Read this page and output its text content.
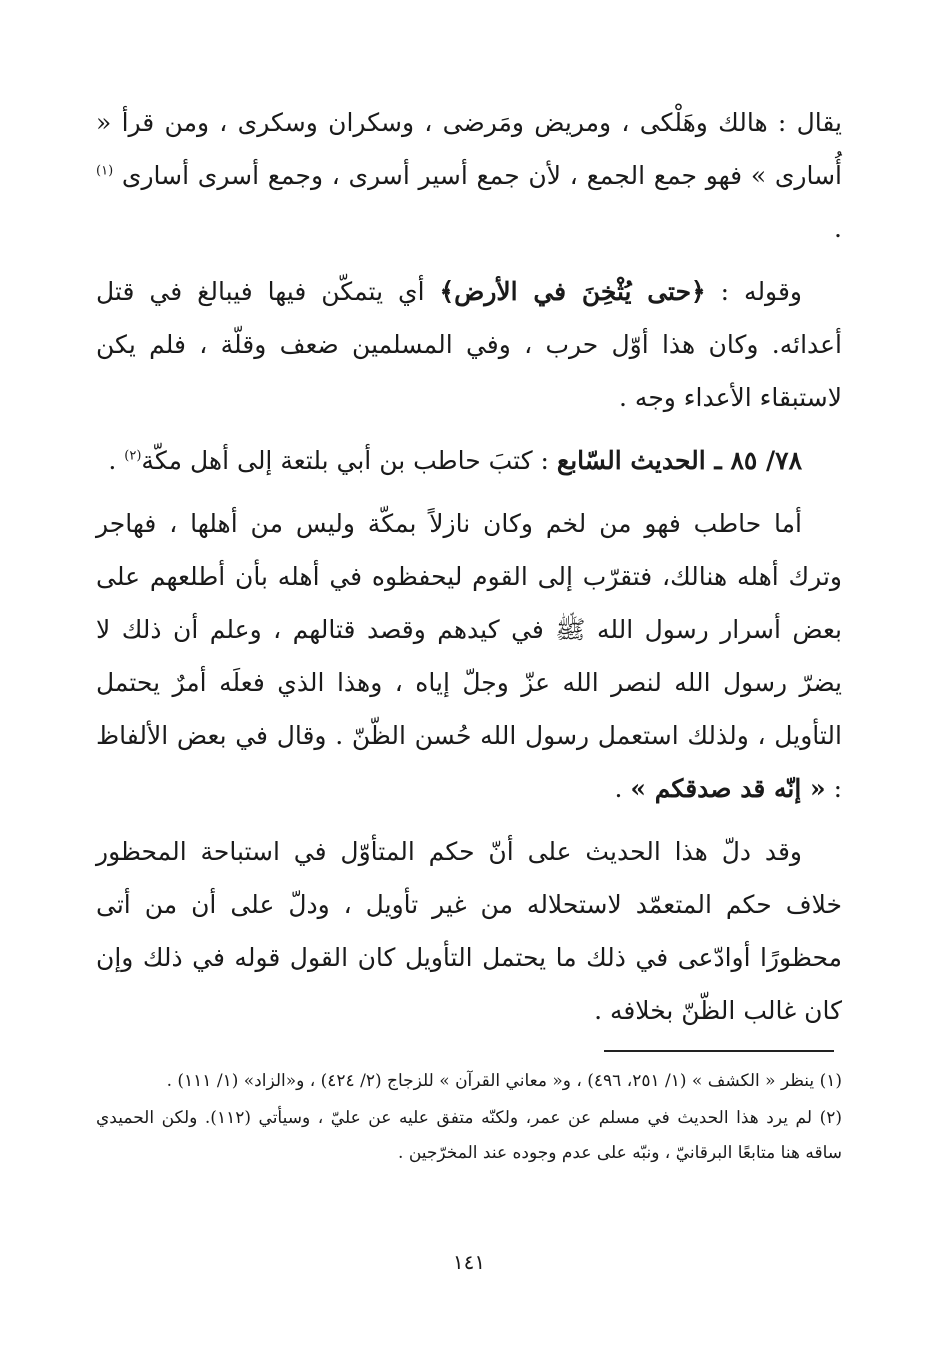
يقال : هالك وهَلْكى ، ومريض ومَرضى ، وسكران وسكرى ، ومن قرأ « أُسارى » فهو جمع الجمع ، لأن جمع أسير أسرى ، وجمع أسرى أسارى $^{(١)}$ .

وقوله : ﴿حتى يُثْخِنَ في الأرض﴾ أي يتمكّن فيها فيبالغ في قتل أعدائه. وكان هذا أوّل حرب ، وفي المسلمين ضعف وقلّة ، فلم يكن لاستبقاء الأعداء وجه .

٧٨/ ٨٥ ـ الحديث السّابع : كتبَ حاطب بن أبي بلتعة إلى أهل مكّة$^{(٢)}$ .

أما حاطب فهو من لخم وكان نازلاً بمكّة وليس من أهلها ، فهاجر وترك أهله هنالك، فتقرّب إلى القوم ليحفظوه في أهله بأن أطلعهم على بعض أسرار رسول الله ﷺ في كيدهم وقصد قتالهم ، وعلم أن ذلك لا يضرّ رسول الله لنصر الله عزّ وجلّ إياه ، وهذا الذي فعلَه أمرٌ يحتمل التأويل ، ولذلك استعمل رسول الله حُسن الظّنّ . وقال في بعض الألفاظ : « إنّه قد صدقكم » .

وقد دلّ هذا الحديث على أنّ حكم المتأوّل في استباحة المحظور خلاف حكم المتعمّد لاستحلاله من غير تأويل ، ودلّ على أن من أتى محظورًا أوادّعى في ذلك ما يحتمل التأويل كان القول قوله في ذلك وإن كان غالب الظّنّ بخلافه .

(١) ينظر « الكشف » (١/ ٢٥١، ٤٩٦) ، و« معاني القرآن » للزجاج (٢/ ٤٢٤) ، و«الزاد» (١/ ١١١) .

(٢) لم يرد هذا الحديث في مسلم عن عمر، ولكنّه متفق عليه عن عليّ ، وسيأتي (١١٢). ولكن الحميدي ساقه هنا متابعًا البرقانيّ ، ونبّه على عدم وجوده عند المخرّجين .

١٤١
